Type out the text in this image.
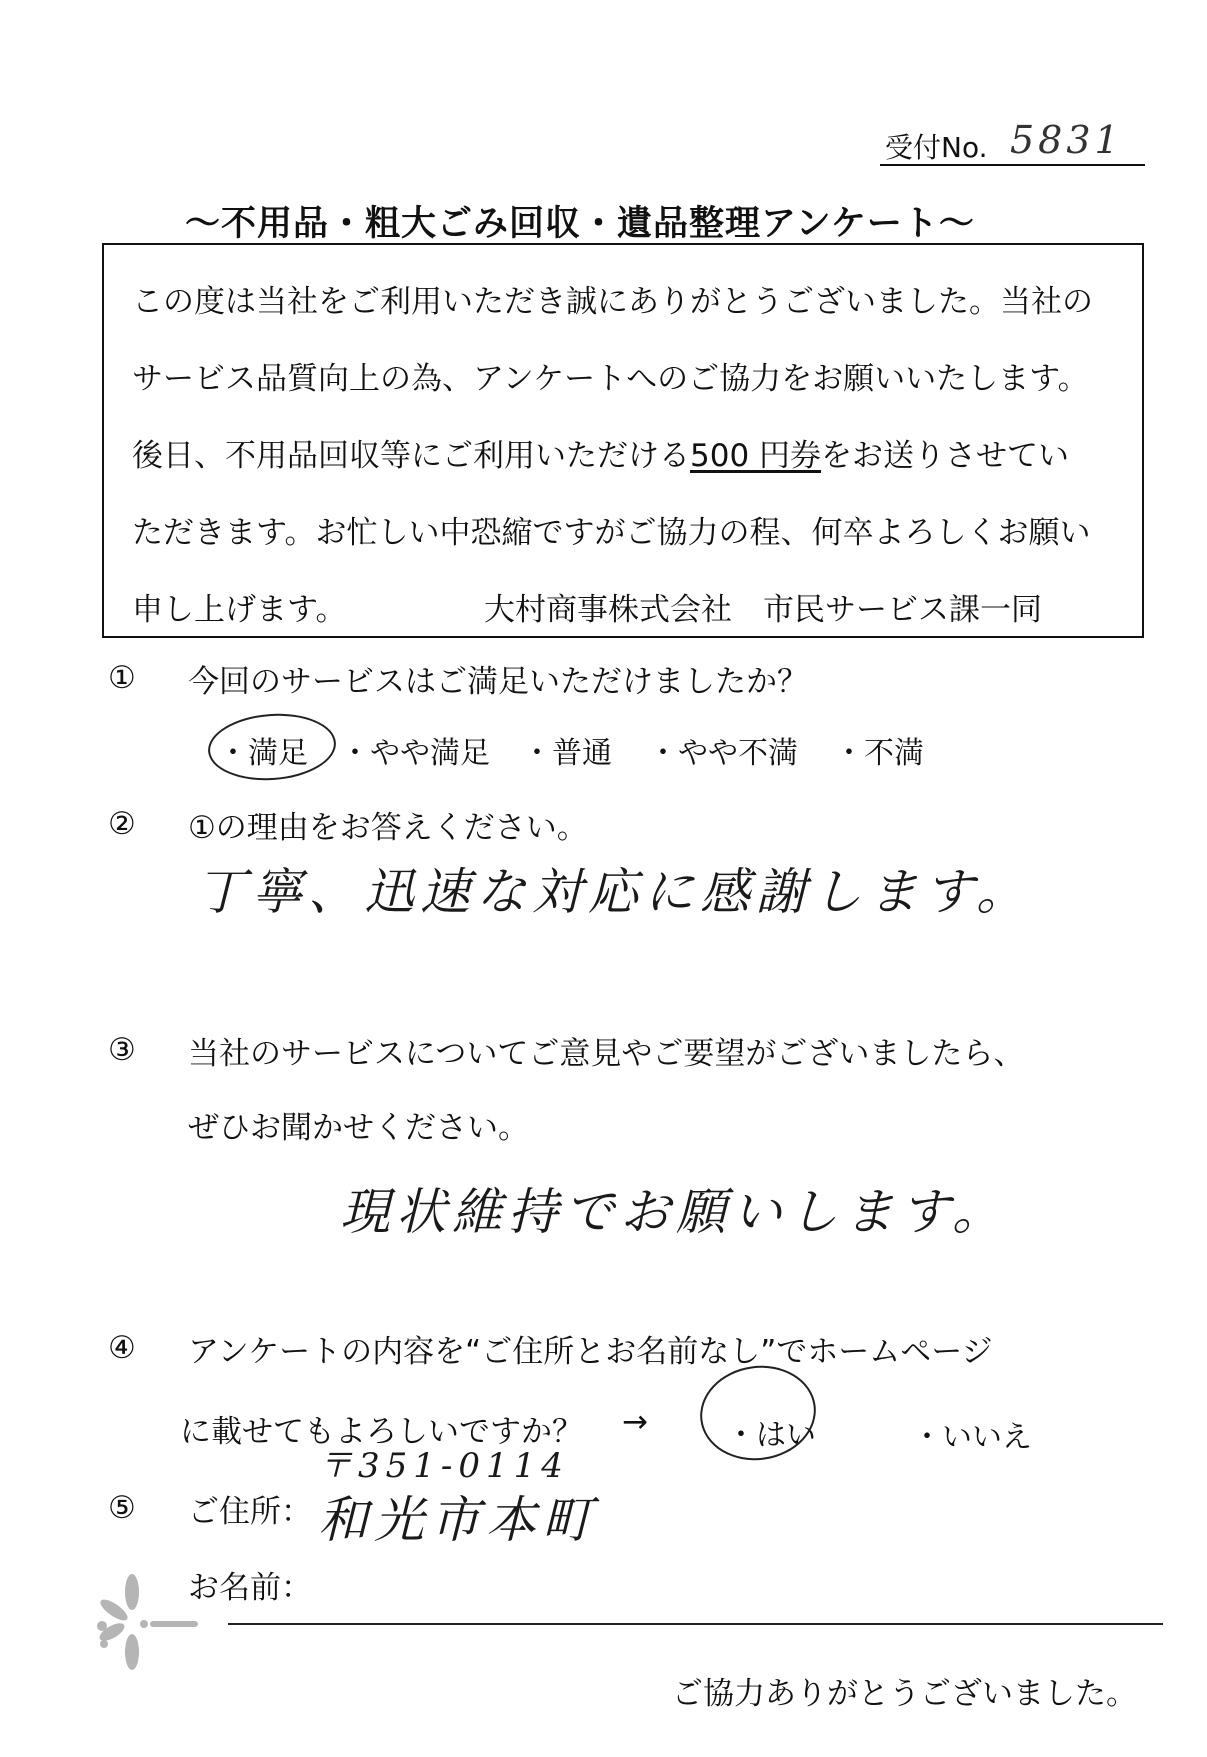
受付No. 5831
～不用品・粗大ごみ回収・遺品整理アンケート～
この度は当社をご利用いただき誠にありがとうございました。当社の
サービス品質向上の為、アンケートへのご協力をお願いいたします。
後日、不用品回収等にご利用いただける500 円券をお送りさせてい
ただきます。お忙しい中恐縮ですがご協力の程、何卒よろしくお願い
申し上げます。	大村商事株式会社　市民サービス課一同
① 今回のサービスはご満足いただけましたか？
・満足 ・やや満足 ・普通 ・やや不満 ・不満
② ①の理由をお答えください。
丁寧、迅速な対応に感謝します。
③ 当社のサービスについてご意見やご要望がございましたら、
ぜひお聞かせください。
現状維持でお願いします。
④ アンケートの内容を“ご住所とお名前なし”でホームページ
に載せてもよろしいですか？ →	・はい	・いいえ
⑤ ご住所：
〒351-0114
和光市本町
お名前：
ご協力ありがとうございました。
